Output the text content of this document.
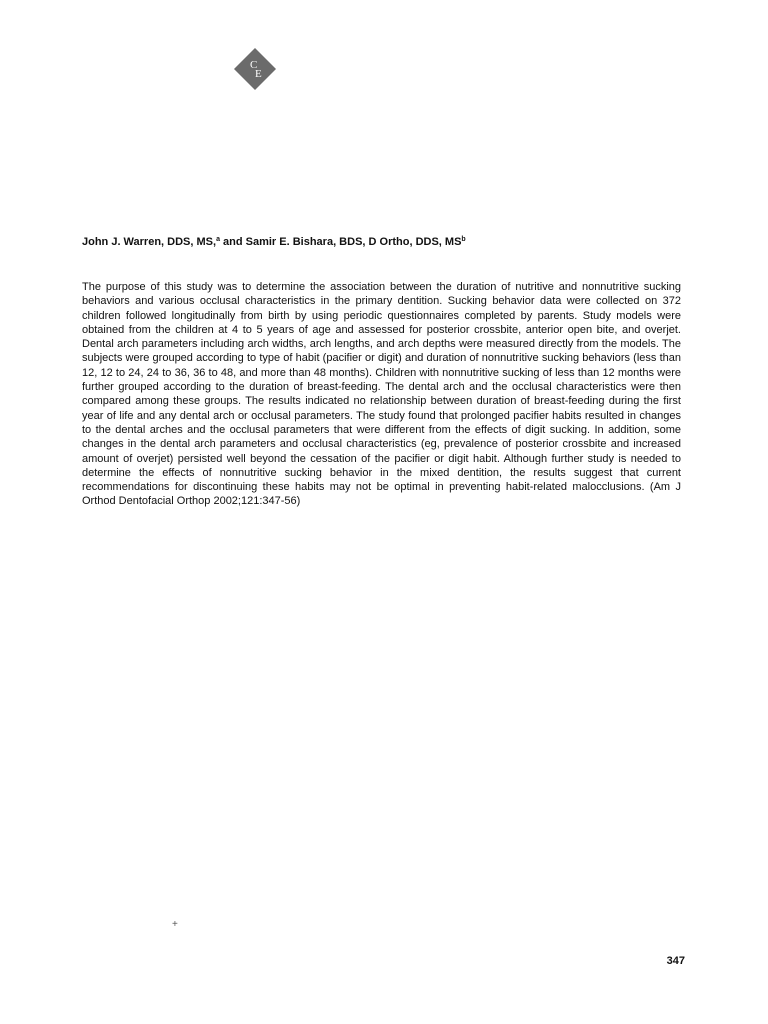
C
E
John J. Warren, DDS, MS,$^a$ and Samir E. Bishara, BDS, D Ortho, DDS, $MS^b$

The purpose of this study was to determine the association between the duration of nutritive and nonnutritive sucking behaviors and various occlusal characteristics in the primary dentition. Sucking behavior data were collected on 372 children followed longitudinally from birth by using periodic questionnaires completed by parents. Study models were obtained from the children at 4 to 5 years of age and assessed for posterior crossbite, anterior open bite, and overjet. Dental arch parameters including arch widths, arch lengths, and arch depths were measured directly from the models. The subjects were grouped according to type of habit (pacifier or digit) and duration of nonnutritive sucking behaviors (less than 12, 12 to 24, 24 to 36, 36 to 48, and more than 48 months). Children with nonnutritive sucking of less than 12 months were further grouped according to the duration of breast-feeding. The dental arch and the occlusal characteristics were then compared among these groups. The results indicated no relationship between duration of breast-feeding during the first year of life and any dental arch or occlusal parameters. The study found that prolonged pacifier habits resulted in changes to the dental arches and the occlusal parameters that were different from the effects of digit sucking. In addition, some changes in the dental arch parameters and occlusal characteristics (eg, prevalence of posterior crossbite and increased amount of overjet) persisted well beyond the cessation of the pacifier or digit habit. Although further study is needed to determine the effects of nonnutritive sucking behavior in the mixed dentition, the results suggest that current recommendations for discontinuing these habits may not be optimal in preventing habit-related malocclusions. (Am J Orthod Dentofacial Orthop 2002;121:347-56)

+
347
